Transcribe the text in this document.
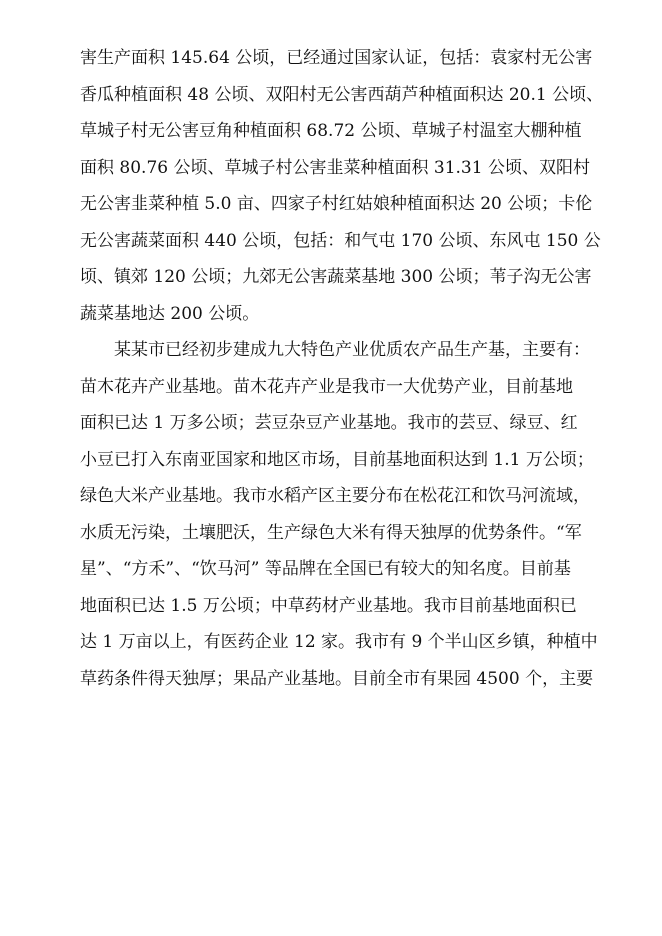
害生产面积 145.64 公顷，已经通过国家认证，包括：袁家村无公害
香瓜种植面积 48 公顷、双阳村无公害西葫芦种植面积达 20.1 公顷、
草城子村无公害豆角种植面积 68.72 公顷、草城子村温室大棚种植
面积 80.76 公顷、草城子村公害韭菜种植面积 31.31 公顷、双阳村
无公害韭菜种植 5.0 亩、四家子村红姑娘种植面积达 20 公顷；卡伦
无公害蔬菜面积 440 公顷，包括：和气屯 170 公顷、东风屯 150 公
顷、镇郊 120 公顷；九郊无公害蔬菜基地 300 公顷；苇子沟无公害
蔬菜基地达 200 公顷。
某某市已经初步建成九大特色产业优质农产品生产基，主要有：
苗木花卉产业基地。苗木花卉产业是我市一大优势产业，目前基地
面积已达 1 万多公顷；芸豆杂豆产业基地。我市的芸豆、绿豆、红
小豆已打入东南亚国家和地区市场，目前基地面积达到 1.1 万公顷；
绿色大米产业基地。我市水稻产区主要分布在松花江和饮马河流域，
水质无污染，土壤肥沃，生产绿色大米有得天独厚的优势条件。“军
星”、“方禾”、“饮马河” 等品牌在全国已有较大的知名度。目前基
地面积已达 1.5 万公顷；中草药材产业基地。我市目前基地面积已
达 1 万亩以上，有医药企业 12 家。我市有 9 个半山区乡镇，种植中
草药条件得天独厚；果品产业基地。目前全市有果园 4500 个，主要
